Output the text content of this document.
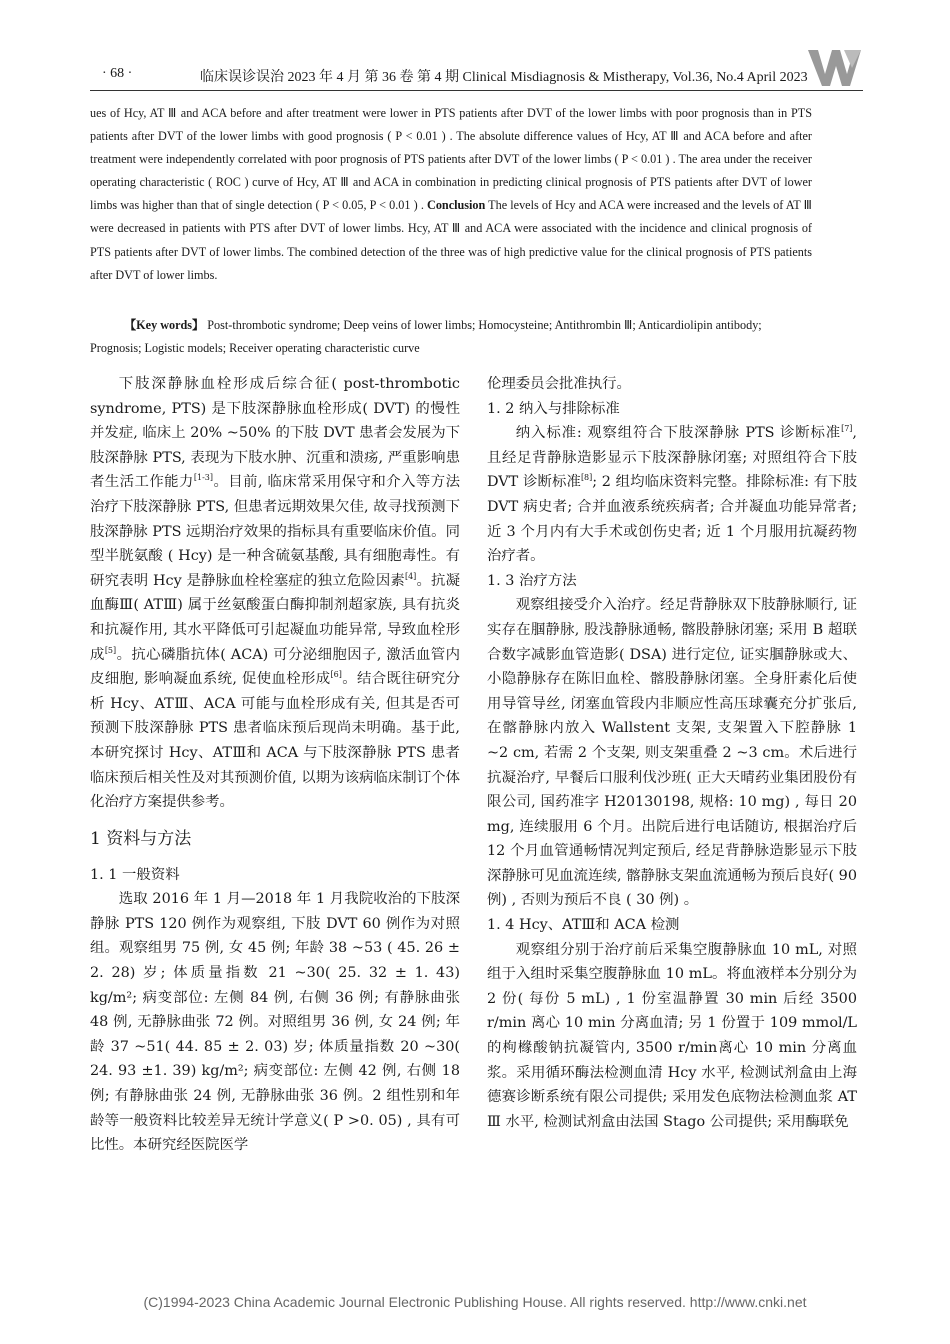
· 68 ·	临床误诊误治 2023 年 4 月 第 36 卷 第 4 期 Clinical Misdiagnosis & Mistherapy, Vol.36, No.4 April 2023

ues of Hcy, AT Ⅲ and ACA before and after treatment were lower in PTS patients after DVT of the lower limbs with poor prognosis than in PTS patients after DVT of the lower limbs with good prognosis ( P < 0.01 ) . The absolute difference values of Hcy, AT Ⅲ and ACA before and after treatment were independently correlated with poor prognosis of PTS patients after DVT of the lower limbs ( P < 0.01 ) . The area under the receiver operating characteristic ( ROC ) curve of Hcy, AT Ⅲ and ACA in combination in predicting clinical prognosis of PTS patients after DVT of lower limbs was higher than that of single detection ( P < 0.05, P < 0.01 ) . Conclusion The levels of Hcy and ACA were increased and the levels of AT Ⅲ were decreased in patients with PTS after DVT of lower limbs. Hcy, AT Ⅲ and ACA were associated with the incidence and clinical prognosis of PTS patients after DVT of lower limbs. The combined detection of the three was of high predictive value for the clinical prognosis of PTS patients after DVT of lower limbs.

【Key words】 Post-thrombotic syndrome; Deep veins of lower limbs; Homocysteine; Antithrombin Ⅲ; Anticardiolipin antibody; Prognosis; Logistic models; Receiver operating characteristic curve

下肢深静脉血栓形成后综合征( post-thrombotic syndrome, PTS) 是下肢深静脉血栓形成( DVT) 的慢性并发症, 临床上 20% ~50% 的下肢 DVT 患者会发展为下肢深静脉 PTS, 表现为下肢水肿、沉重和溃疡, 严重影响患者生活工作能力[1-3]。目前, 临床常采用保守和介入等方法治疗下肢深静脉 PTS, 但患者远期效果欠佳, 故寻找预测下肢深静脉 PTS 远期治疗效果的指标具有重要临床价值。同型半胱氨酸 ( Hcy) 是一种含硫氨基酸, 具有细胞毒性。有研究表明 Hcy 是静脉血栓栓塞症的独立危险因素[4]。抗凝血酶Ⅲ( ATⅢ) 属于丝氨酸蛋白酶抑制剂超家族, 具有抗炎和抗凝作用, 其水平降低可引起凝血功能异常, 导致血栓形成[5]。抗心磷脂抗体( ACA) 可分泌细胞因子, 激活血管内皮细胞, 影响凝血系统, 促使血栓形成[6]。结合既往研究分析 Hcy、ATⅢ、ACA 可能与血栓形成有关, 但其是否可预测下肢深静脉 PTS 患者临床预后现尚未明确。基于此, 本研究探讨 Hcy、ATⅢ和 ACA 与下肢深静脉 PTS 患者临床预后相关性及对其预测价值, 以期为该病临床制订个体化治疗方案提供参考。

1 资料与方法

1. 1 一般资料

选取 2016 年 1 月—2018 年 1 月我院收治的下肢深静脉 PTS 120 例作为观察组, 下肢 DVT 60 例作为对照组。观察组男 75 例, 女 45 例; 年龄 38 ~53 ( 45. 26 ± 2. 28) 岁; 体质量指数 21 ~30( 25. 32 ± 1. 43) kg/m²; 病变部位: 左侧 84 例, 右侧 36 例; 有静脉曲张 48 例, 无静脉曲张 72 例。对照组男 36 例, 女 24 例; 年龄 37 ~51( 44. 85 ± 2. 03) 岁; 体质量指数 20 ~30( 24. 93 ±1. 39) kg/m²; 病变部位: 左侧 42 例, 右侧 18 例; 有静脉曲张 24 例, 无静脉曲张 36 例。2 组性别和年龄等一般资料比较差异无统计学意义( P >0. 05) , 具有可比性。本研究经医院医学

伦理委员会批准执行。

1. 2 纳入与排除标准

纳入标准: 观察组符合下肢深静脉 PTS 诊断标准[7], 且经足背静脉造影显示下肢深静脉闭塞; 对照组符合下肢 DVT 诊断标准[8]; 2 组均临床资料完整。排除标准: 有下肢 DVT 病史者; 合并血液系统疾病者; 合并凝血功能异常者; 近 3 个月内有大手术或创伤史者; 近 1 个月服用抗凝药物治疗者。

1. 3 治疗方法

观察组接受介入治疗。经足背静脉双下肢静脉顺行, 证实存在腘静脉, 股浅静脉通畅, 髂股静脉闭塞; 采用 B 超联合数字减影血管造影( DSA) 进行定位, 证实腘静脉或大、小隐静脉存在陈旧血栓、髂股静脉闭塞。全身肝素化后使用导管导丝, 闭塞血管段内非顺应性高压球囊充分扩张后, 在髂静脉内放入 Wallstent 支架, 支架置入下腔静脉 1 ~2 cm, 若需 2 个支架, 则支架重叠 2 ~3 cm。术后进行抗凝治疗, 早餐后口服利伐沙班( 正大天晴药业集团股份有限公司, 国药准字 H20130198, 规格: 10 mg) , 每日 20 mg, 连续服用 6 个月。出院后进行电话随访, 根据治疗后 12 个月血管通畅情况判定预后, 经足背静脉造影显示下肢深静脉可见血流连续, 髂静脉支架血流通畅为预后良好( 90 例) , 否则为预后不良 ( 30 例) 。

1. 4 Hcy、ATⅢ和 ACA 检测

观察组分别于治疗前后采集空腹静脉血 10 mL, 对照组于入组时采集空腹静脉血 10 mL。将血液样本分别分为 2 份( 每份 5 mL) , 1 份室温静置 30 min 后经 3500 r/min 离心 10 min 分离血清; 另 1 份置于 109 mmol/L 的枸橼酸钠抗凝管内, 3500 r/min离心 10 min 分离血浆。采用循环酶法检测血清 Hcy 水平, 检测试剂盒由上海德赛诊断系统有限公司提供; 采用发色底物法检测血浆 AT Ⅲ 水平, 检测试剂盒由法国 Stago 公司提供; 采用酶联免

(C)1994-2023 China Academic Journal Electronic Publishing House. All rights reserved. http://www.cnki.net
